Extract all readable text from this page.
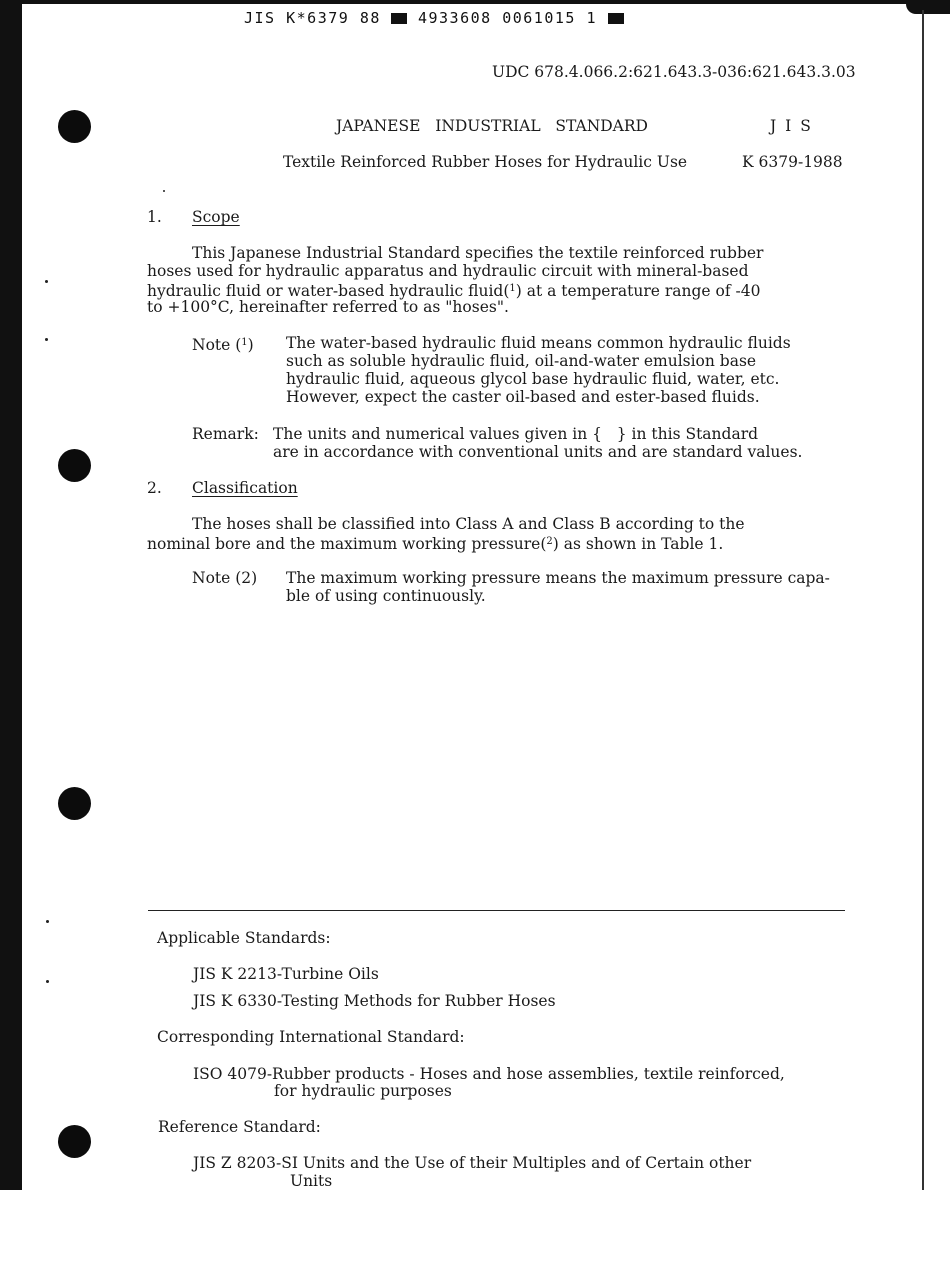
JIS K*6379 88 4933608 0061015 1
UDC 678.4.066.2:621.643.3-036:621.643.3.03
JAPANESE   INDUSTRIAL   STANDARD	J I S
Textile Reinforced Rubber Hoses for Hydraulic Use	K 6379-1988
1. Scope
This Japanese Industrial Standard specifies the textile reinforced rubber
hoses used for hydraulic apparatus and hydraulic circuit with mineral-based
hydraulic fluid or water-based hydraulic fluid($^1$) at a temperature range of -40
to +100°C, hereinafter referred to as "hoses".
Note ($^1$) The water-based hydraulic fluid means common hydraulic fluids
such as soluble hydraulic fluid, oil-and-water emulsion base
hydraulic fluid, aqueous glycol base hydraulic fluid, water, etc.
However, expect the caster oil-based and ester-based fluids.
Remark: The units and numerical values given in {   } in this Standard
are in accordance with conventional units and are standard values.
2. Classification
The hoses shall be classified into Class A and Class B according to the
nominal bore and the maximum working pressure($^2$) as shown in Table 1.
Note (2) The maximum working pressure means the maximum pressure capa-
ble of using continuously.
Applicable Standards:
JIS K 2213-Turbine Oils
JIS K 6330-Testing Methods for Rubber Hoses
Corresponding International Standard:
ISO 4079-Rubber products - Hoses and hose assemblies, textile reinforced,
for hydraulic purposes
Reference Standard:
JIS Z 8203-SI Units and the Use of their Multiples and of Certain other
Units
